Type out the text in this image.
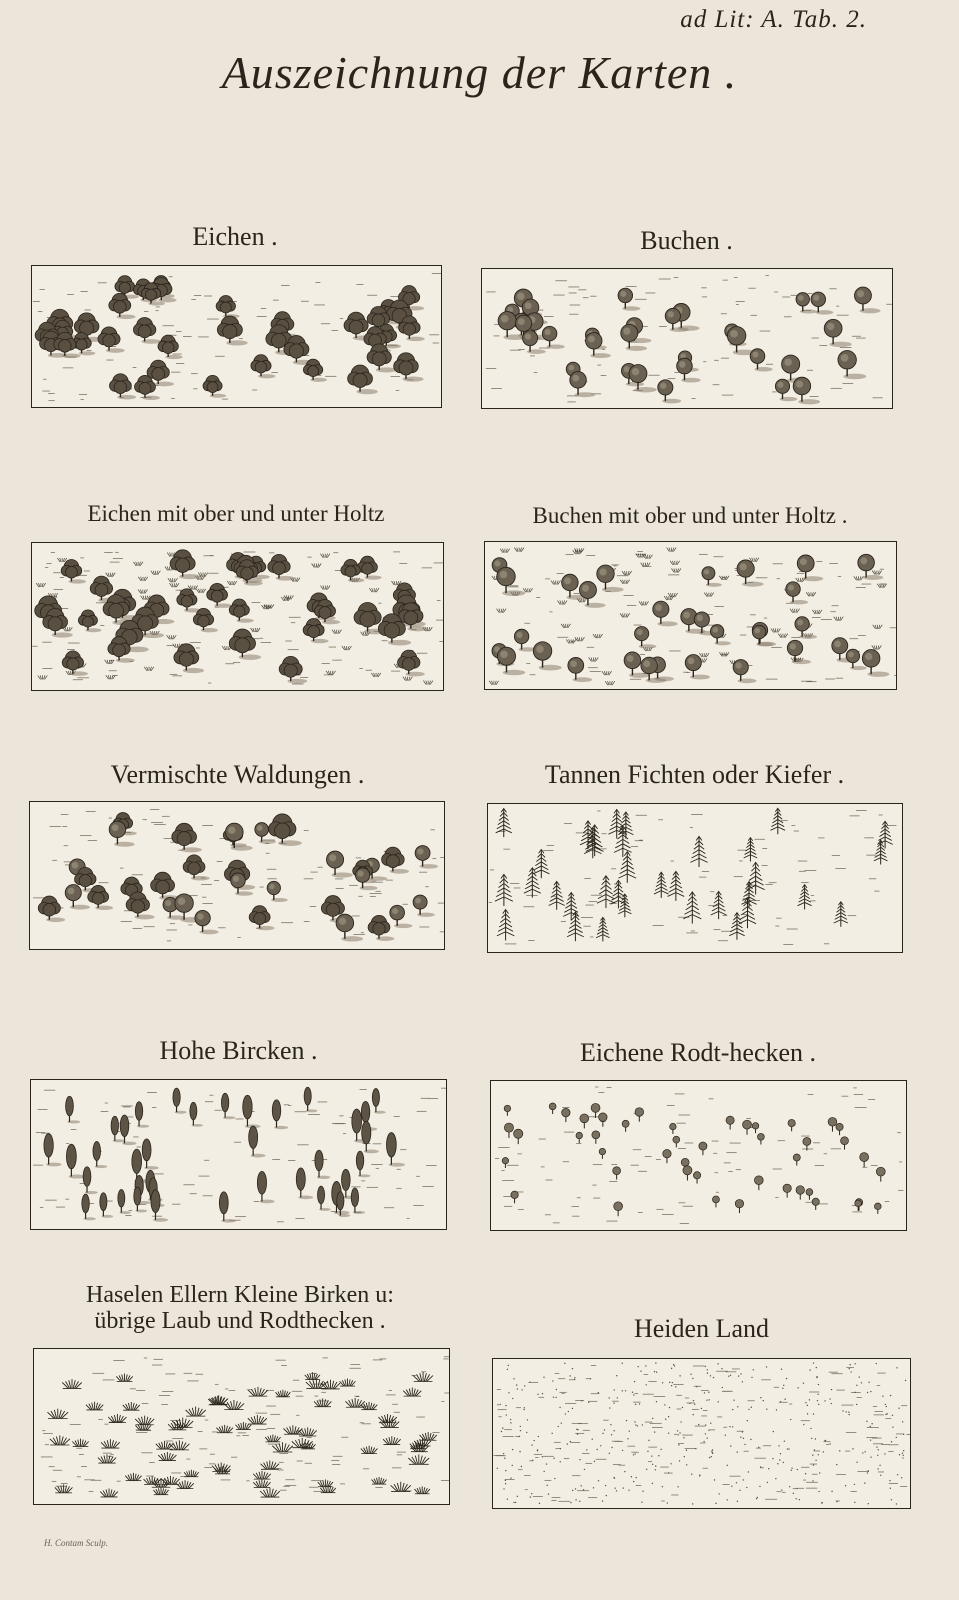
ad Lit: A. Tab. 2.
Auszeichnung der Karten .
Eichen .	Buchen .
Eichen mit ober und unter Holtz	Buchen mit ober und unter Holtz .
Vermischte Waldungen .	Tannen Fichten oder Kiefer .
Hohe Bircken .	Eichene Rodt-hecken .
Haselen Ellern Kleine Birken u:
übrige Laub und Rodthecken .	Heiden Land
H. Contam Sculp.
